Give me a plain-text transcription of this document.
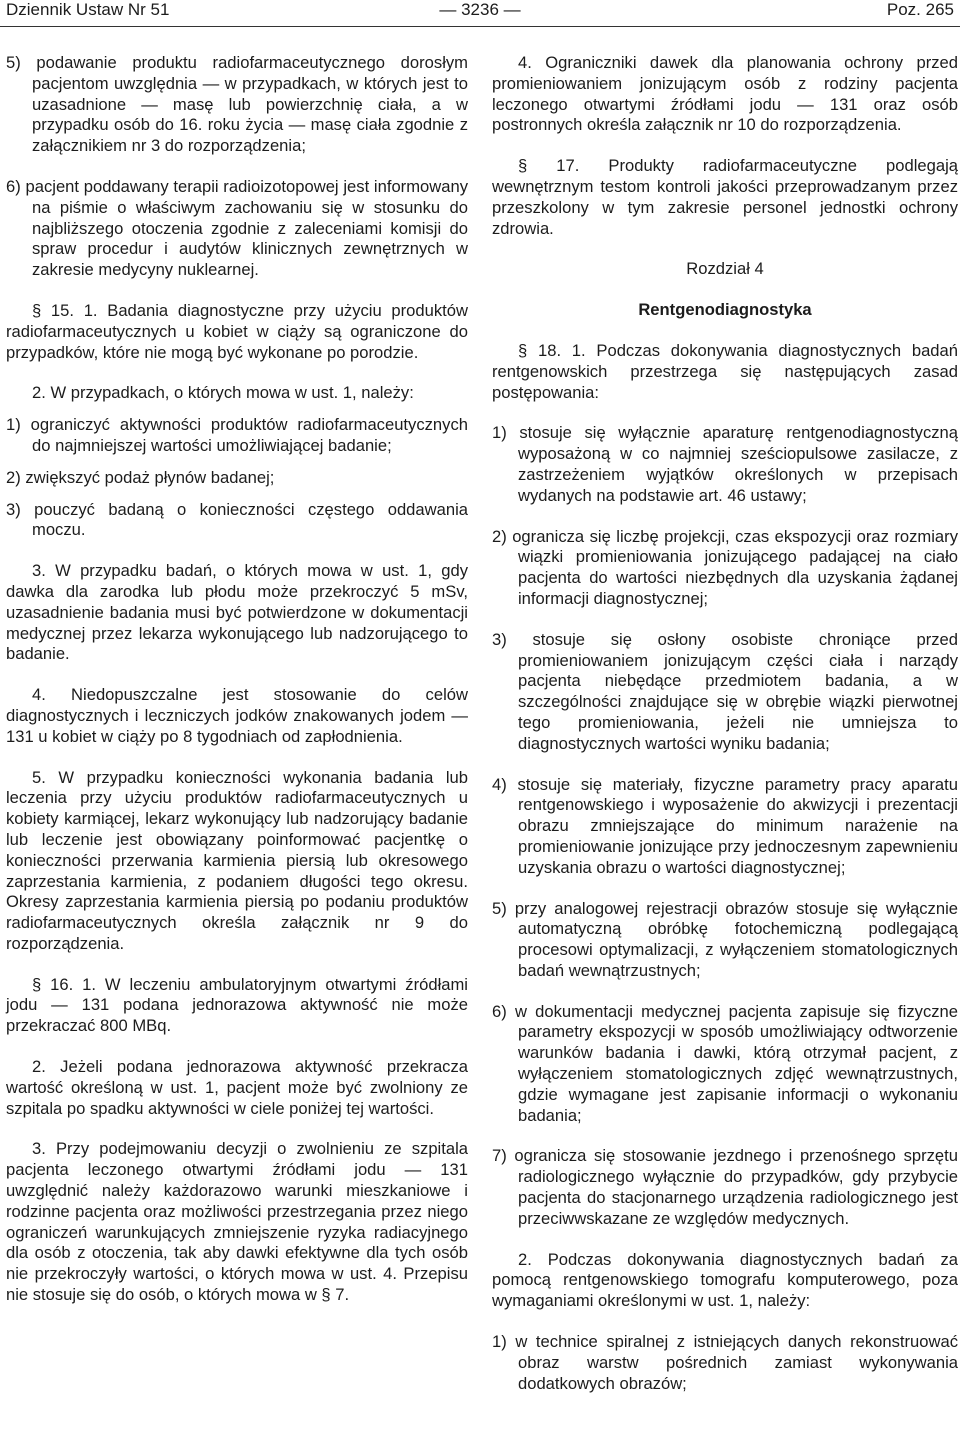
Dziennik Ustaw Nr 51	— 3236 —	Poz. 265

5) podawanie produktu radiofarmaceutycznego dorosłym pacjentom uwzględnia — w przypadkach, w których jest to uzasadnione — masę lub powierzchnię ciała, a w przypadku osób do 16. roku życia — masę ciała zgodnie z załącznikiem nr 3 do rozporządzenia;

6) pacjent poddawany terapii radioizotopowej jest informowany na piśmie o właściwym zachowaniu się w stosunku do najbliższego otoczenia zgodnie z zaleceniami komisji do spraw procedur i audytów klinicznych zewnętrznych w zakresie medycyny nuklearnej.

§ 15. 1. Badania diagnostyczne przy użyciu produktów radiofarmaceutycznych u kobiet w ciąży są ograniczone do przypadków, które nie mogą być wykonane po porodzie.

2. W przypadkach, o których mowa w ust. 1, należy:

1) ograniczyć aktywności produktów radiofarmaceutycznych do najmniejszej wartości umożliwiającej badanie;

2) zwiększyć podaż płynów badanej;

3) pouczyć badaną o konieczności częstego oddawania moczu.

3. W przypadku badań, o których mowa w ust. 1, gdy dawka dla zarodka lub płodu może przekroczyć 5 mSv, uzasadnienie badania musi być potwierdzone w dokumentacji medycznej przez lekarza wykonującego lub nadzorującego to badanie.

4. Niedopuszczalne jest stosowanie do celów diagnostycznych i leczniczych jodków znakowanych jodem — 131 u kobiet w ciąży po 8 tygodniach od zapłodnienia.

5. W przypadku konieczności wykonania badania lub leczenia przy użyciu produktów radiofarmaceutycznych u kobiety karmiącej, lekarz wykonujący lub nadzorujący badanie lub leczenie jest obowiązany poinformować pacjentkę o konieczności przerwania karmienia piersią lub okresowego zaprzestania karmienia, z podaniem długości tego okresu. Okresy zaprzestania karmienia piersią po podaniu produktów radiofarmaceutycznych określa załącznik nr 9 do rozporządzenia.

§ 16. 1. W leczeniu ambulatoryjnym otwartymi źródłami jodu — 131 podana jednorazowa aktywność nie może przekraczać 800 MBq.

2. Jeżeli podana jednorazowa aktywność przekracza wartość określoną w ust. 1, pacjent może być zwolniony ze szpitala po spadku aktywności w ciele poniżej tej wartości.

3. Przy podejmowaniu decyzji o zwolnieniu ze szpitala pacjenta leczonego otwartymi źródłami jodu — 131 uwzględnić należy każdorazowo warunki mieszkaniowe i rodzinne pacjenta oraz możliwości przestrzegania przez niego ograniczeń warunkujących zmniejszenie ryzyka radiacyjnego dla osób z otoczenia, tak aby dawki efektywne dla tych osób nie przekroczyły wartości, o których mowa w ust. 4. Przepisu nie stosuje się do osób, o których mowa w § 7.

4. Ograniczniki dawek dla planowania ochrony przed promieniowaniem jonizującym osób z rodziny pacjenta leczonego otwartymi źródłami jodu — 131 oraz osób postronnych określa załącznik nr 10 do rozporządzenia.

§ 17. Produkty radiofarmaceutyczne podlegają wewnętrznym testom kontroli jakości przeprowadzanym przez przeszkolony w tym zakresie personel jednostki ochrony zdrowia.

Rozdział 4

Rentgenodiagnostyka

§ 18. 1. Podczas dokonywania diagnostycznych badań rentgenowskich przestrzega się następujących zasad postępowania:

1) stosuje się wyłącznie aparaturę rentgenodiagnostyczną wyposażoną w co najmniej sześciopulsowe zasilacze, z zastrzeżeniem wyjątków określonych w przepisach wydanych na podstawie art. 46 ustawy;

2) ogranicza się liczbę projekcji, czas ekspozycji oraz rozmiary wiązki promieniowania jonizującego padającej na ciało pacjenta do wartości niezbędnych dla uzyskania żądanej informacji diagnostycznej;

3) stosuje się osłony osobiste chroniące przed promieniowaniem jonizującym części ciała i narządy pacjenta niebędące przedmiotem badania, a w szczególności znajdujące się w obrębie wiązki pierwotnej tego promieniowania, jeżeli nie umniejsza to diagnostycznych wartości wyniku badania;

4) stosuje się materiały, fizyczne parametry pracy aparatu rentgenowskiego i wyposażenie do akwizycji i prezentacji obrazu zmniejszające do minimum narażenie na promieniowanie jonizujące przy jednoczesnym zapewnieniu uzyskania obrazu o wartości diagnostycznej;

5) przy analogowej rejestracji obrazów stosuje się wyłącznie automatyczną obróbkę fotochemiczną podlegającą procesowi optymalizacji, z wyłączeniem stomatologicznych badań wewnątrzustnych;

6) w dokumentacji medycznej pacjenta zapisuje się fizyczne parametry ekspozycji w sposób umożliwiający odtworzenie warunków badania i dawki, którą otrzymał pacjent, z wyłączeniem stomatologicznych zdjęć wewnątrzustnych, gdzie wymagane jest zapisanie informacji o wykonaniu badania;

7) ogranicza się stosowanie jezdnego i przenośnego sprzętu radiologicznego wyłącznie do przypadków, gdy przybycie pacjenta do stacjonarnego urządzenia radiologicznego jest przeciwwskazane ze względów medycznych.

2. Podczas dokonywania diagnostycznych badań za pomocą rentgenowskiego tomografu komputerowego, poza wymaganiami określonymi w ust. 1, należy:

1) w technice spiralnej z istniejących danych rekonstruować obraz warstw pośrednich zamiast wykonywania dodatkowych obrazów;
